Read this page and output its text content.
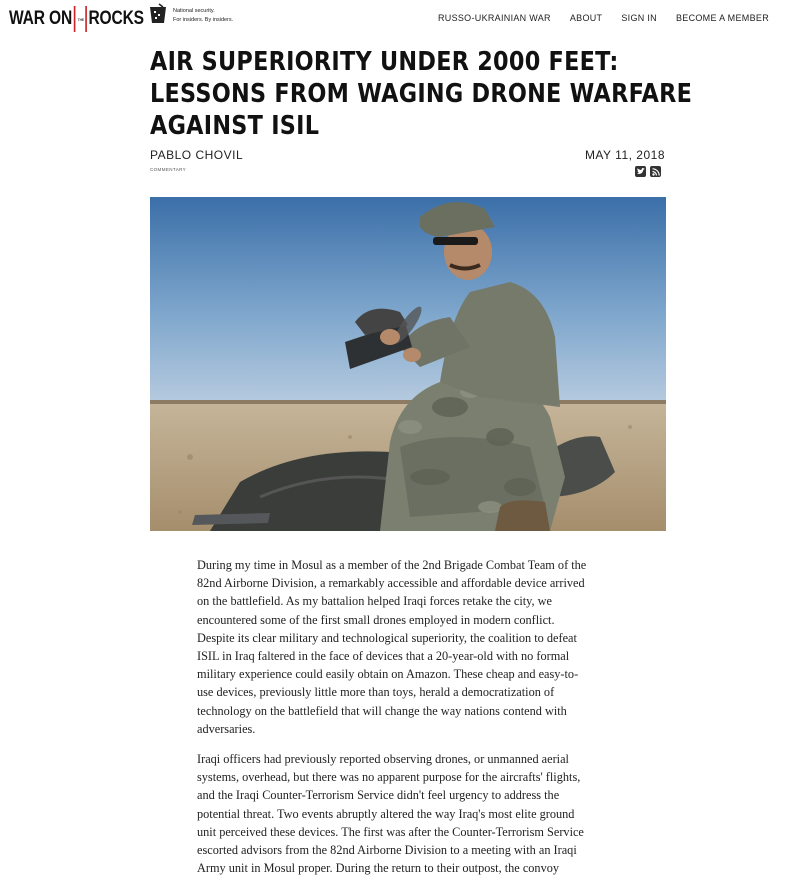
WAR ON THE ROCKS	National security.
For insiders. By insiders.	RUSSO-UKRAINIAN WAR ABOUT SIGN IN BECOME A MEMBER
AIR SUPERIORITY UNDER 2000 FEET:
LESSONS FROM WAGING DRONE WARFARE
AGAINST ISIL
PABLO CHOVIL
COMMENTARY
MAY 11, 2018

During my time in Mosul as a member of the 2nd Brigade Combat Team of the
82nd Airborne Division, a remarkably accessible and affordable device arrived
on the battlefield. As my battalion helped Iraqi forces retake the city, we
encountered some of the first small drones employed in modern conflict.
Despite its clear military and technological superiority, the coalition to defeat
ISIL in Iraq faltered in the face of devices that a 20-year-old with no formal
military experience could easily obtain on Amazon. These cheap and easy-to-
use devices, previously little more than toys, herald a democratization of
technology on the battlefield that will change the way nations contend with
adversaries.

Iraqi officers had previously reported observing drones, or unmanned aerial
systems, overhead, but there was no apparent purpose for the aircrafts' flights,
and the Iraqi Counter-Terrorism Service didn't feel urgency to address the
potential threat. Two events abruptly altered the way Iraq's most elite ground
unit perceived these devices. The first was after the Counter-Terrorism Service
escorted advisors from the 82nd Airborne Division to a meeting with an Iraqi
Army unit in Mosul proper. During the return to their outpost, the convoy
